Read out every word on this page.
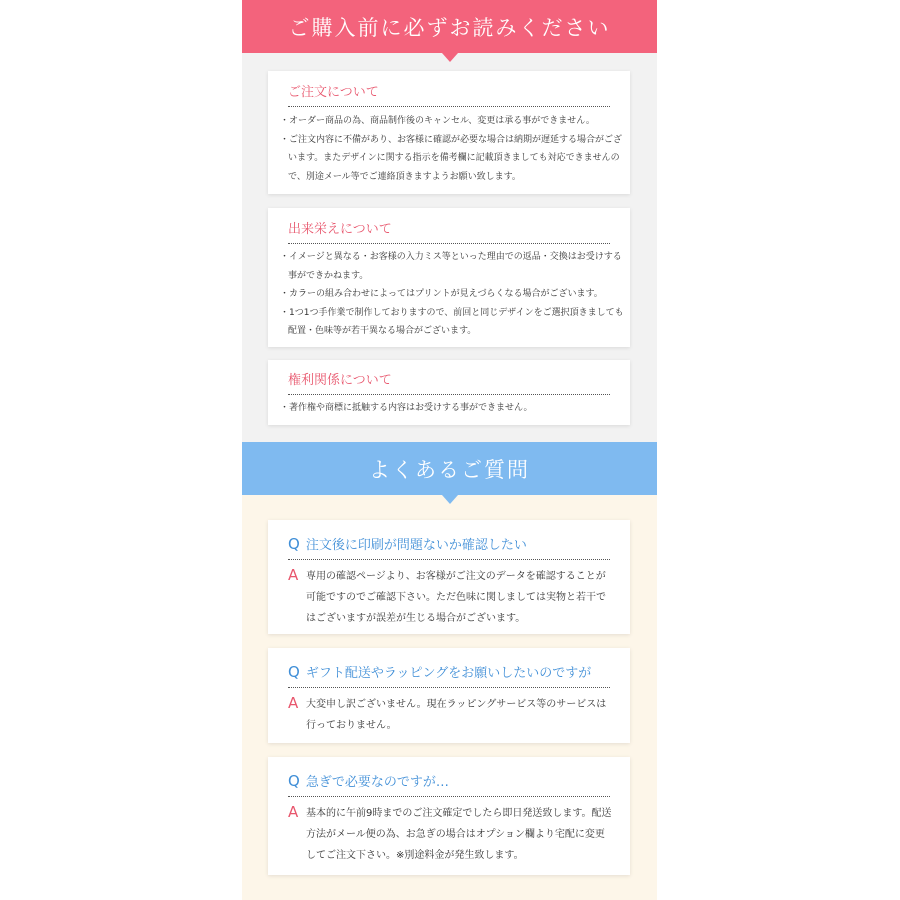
ご購入前に必ずお読みください
ご注文について
・オーダー商品の為、商品制作後のキャンセル、変更は承る事ができません。
・ご注文内容に不備があり、お客様に確認が必要な場合は納期が遅延する場合がございます。またデザインに関する指示を備考欄に記載頂きましても対応できませんので、別途メール等でご連絡頂きますようお願い致します。
出来栄えについて
・イメージと異なる・お客様の入力ミス等といった理由での返品・交換はお受けする事ができかねます。
・カラーの組み合わせによってはプリントが見えづらくなる場合がございます。
・1つ1つ手作業で制作しておりますので、前回と同じデザインをご選択頂きましても配置・色味等が若干異なる場合がございます。
権利関係について
・著作権や商標に抵触する内容はお受けする事ができません。
よくあるご質問
Q 注文後に印刷が問題ないか確認したい
A 専用の確認ページより、お客様がご注文のデータを確認することが可能ですのでご確認下さい。ただ色味に関しましては実物と若干ではございますが誤差が生じる場合がございます。
Q ギフト配送やラッピングをお願いしたいのですが
A 大変申し訳ございません。現在ラッピングサービス等のサービスは行っておりません。
Q 急ぎで必要なのですが…
A 基本的に午前9時までのご注文確定でしたら即日発送致します。配送方法がメール便の為、お急ぎの場合はオプション欄より宅配に変更してご注文下さい。※別途料金が発生致します。
